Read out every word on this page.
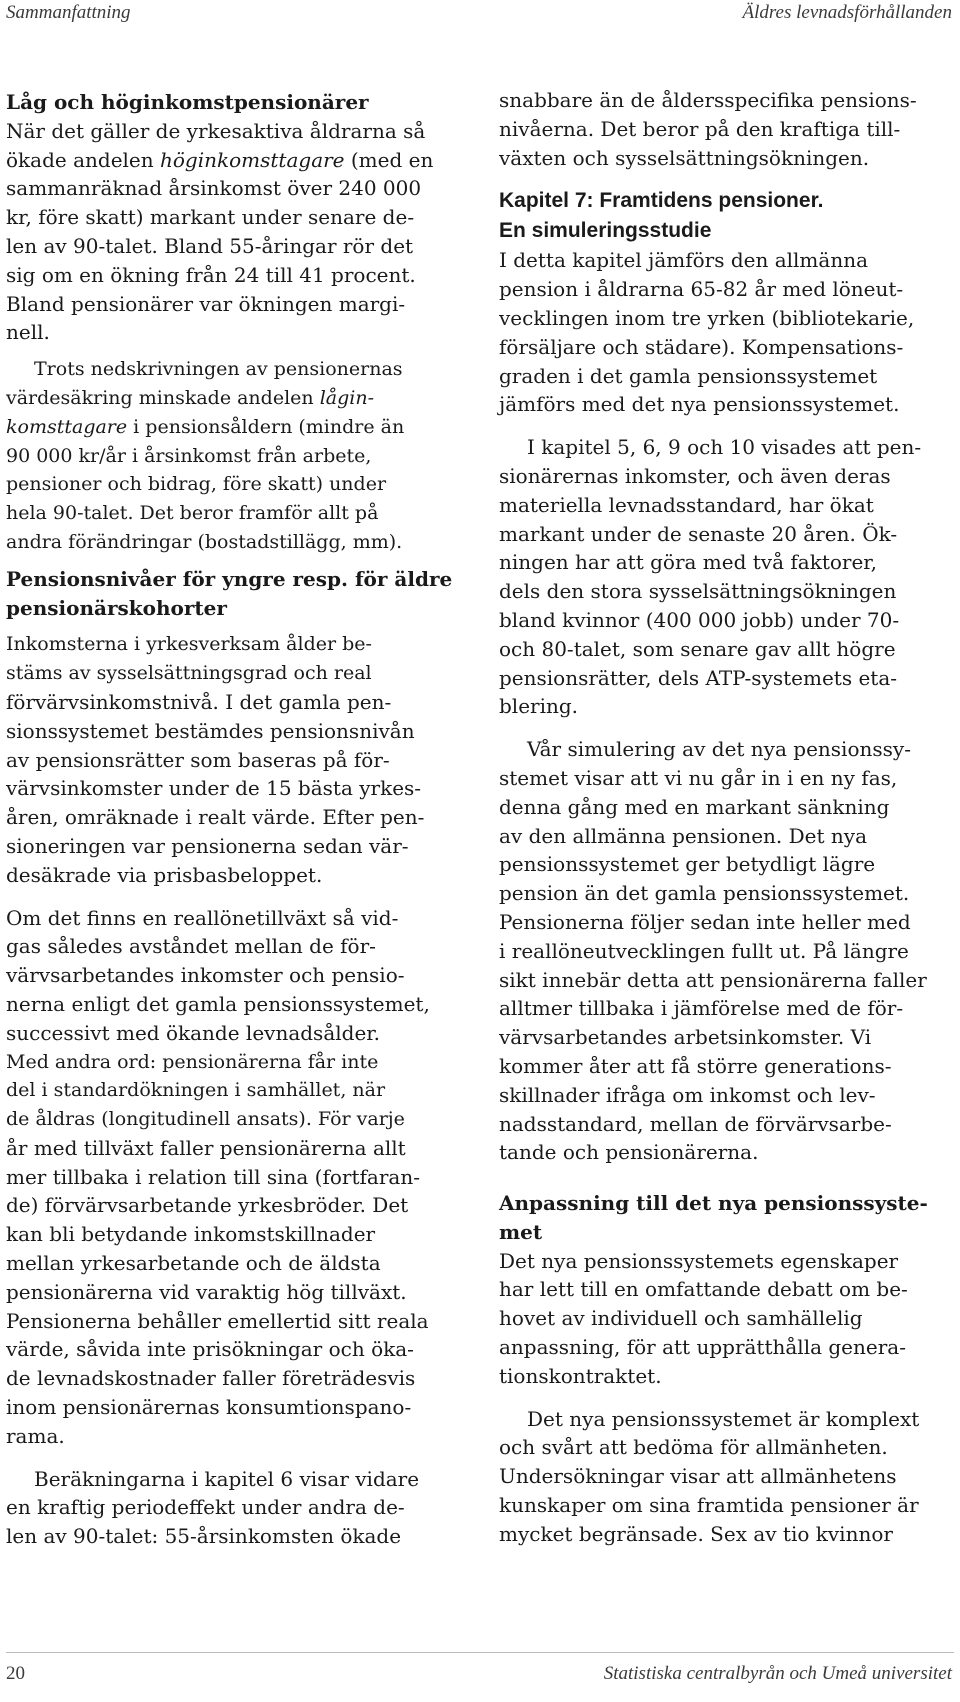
Sammanfattning	Äldres levnadsförhållanden
Låg och höginkomstpensionärer
När det gäller de yrkesaktiva åldrarna så
ökade andelen höginkomsttagare (med en
sammanräknad årsinkomst över 240 000
kr, före skatt) markant under senare de-
len av 90-talet. Bland 55-åringar rör det
sig om en ökning från 24 till 41 procent.
Bland pensionärer var ökningen margi-
nell.
Trots nedskrivningen av pensionernas
värdesäkring minskade andelen lågin-
komsttagare i pensionsåldern (mindre än
90 000 kr/år i årsinkomst från arbete,
pensioner och bidrag, före skatt) under
hela 90-talet. Det beror framför allt på
andra förändringar (bostadstillägg, mm).
Pensionsnivåer för yngre resp. för äldre
pensionärskohorter
Inkomsterna i yrkesverksam ålder be-
stäms av sysselsättningsgrad och real
förvärvsinkomstnivå. I det gamla pen-
sionssystemet bestämdes pensionsnivån
av pensionsrätter som baseras på för-
värvsinkomster under de 15 bästa yrkes-
åren, omräknade i realt värde. Efter pen-
sioneringen var pensionerna sedan vär-
desäkrade via prisbasbeloppet.
Om det finns en reallönetillväxt så vid-
gas således avståndet mellan de för-
värvsarbetandes inkomster och pensio-
nerna enligt det gamla pensionssystemet,
successivt med ökande levnadsålder.
Med andra ord: pensionärerna får inte
del i standardökningen i samhället, när
de åldras (longitudinell ansats). För varje
år med tillväxt faller pensionärerna allt
mer tillbaka i relation till sina (fortfaran-
de) förvärvsarbetande yrkesbröder. Det
kan bli betydande inkomstskillnader
mellan yrkesarbetande och de äldsta
pensionärerna vid varaktig hög tillväxt.
Pensionerna behåller emellertid sitt reala
värde, såvida inte prisökningar och öka-
de levnadskostnader faller företrädesvis
inom pensionärernas konsumtionspano-
rama.
Beräkningarna i kapitel 6 visar vidare
en kraftig periodeffekt under andra de-
len av 90-talet: 55-årsinkomsten ökade
snabbare än de åldersspecifika pensions-
nivåerna. Det beror på den kraftiga till-
växten och sysselsättningsökningen.
Kapitel 7: Framtidens pensioner.
En simuleringsstudie
I detta kapitel jämförs den allmänna
pension i åldrarna 65-82 år med löneut-
vecklingen inom tre yrken (bibliotekarie,
försäljare och städare). Kompensations-
graden i det gamla pensionssystemet
jämförs med det nya pensionssystemet.
I kapitel 5, 6, 9 och 10 visades att pen-
sionärernas inkomster, och även deras
materiella levnadsstandard, har ökat
markant under de senaste 20 åren. Ök-
ningen har att göra med två faktorer,
dels den stora sysselsättningsökningen
bland kvinnor (400 000 jobb) under 70-
och 80-talet, som senare gav allt högre
pensionsrätter, dels ATP-systemets eta-
blering.
Vår simulering av det nya pensionssy-
stemet visar att vi nu går in i en ny fas,
denna gång med en markant sänkning
av den allmänna pensionen. Det nya
pensionssystemet ger betydligt lägre
pension än det gamla pensionssystemet.
Pensionerna följer sedan inte heller med
i reallöneutvecklingen fullt ut. På längre
sikt innebär detta att pensionärerna faller
alltmer tillbaka i jämförelse med de för-
värvsarbetandes arbetsinkomster. Vi
kommer åter att få större generations-
skillnader ifråga om inkomst och lev-
nadsstandard, mellan de förvärvsarbe-
tande och pensionärerna.
Anpassning till det nya pensionssyste-
met
Det nya pensionssystemets egenskaper
har lett till en omfattande debatt om be-
hovet av individuell och samhällelig
anpassning, för att upprätthålla genera-
tionskontraktet.
Det nya pensionssystemet är komplext
och svårt att bedöma för allmänheten.
Undersökningar visar att allmänhetens
kunskaper om sina framtida pensioner är
mycket begränsade. Sex av tio kvinnor
20	Statistiska centralbyrån och Umeå universitet
